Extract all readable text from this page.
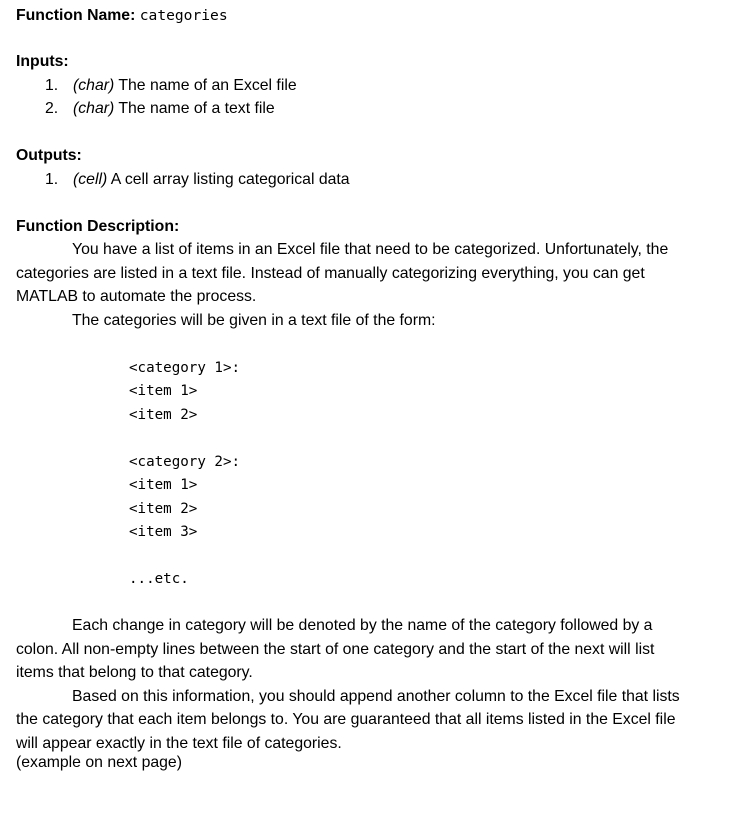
Function Name: categories
Inputs:
1. (char) The name of an Excel file
2. (char) The name of a text file
Outputs:
1. (cell) A cell array listing categorical data
Function Description:
You have a list of items in an Excel file that need to be categorized. Unfortunately, the
categories are listed in a text file. Instead of manually categorizing everything, you can get
MATLAB to automate the process.
The categories will be given in a text file of the form:
<category 1>:
<item 1>
<item 2>
<category 2>:
<item 1>
<item 2>
<item 3>
...etc.
Each change in category will be denoted by the name of the category followed by a
colon. All non-empty lines between the start of one category and the start of the next will list
items that belong to that category.
Based on this information, you should append another column to the Excel file that lists
the category that each item belongs to. You are guaranteed that all items listed in the Excel file
will appear exactly in the text file of categories.
(example on next page)
